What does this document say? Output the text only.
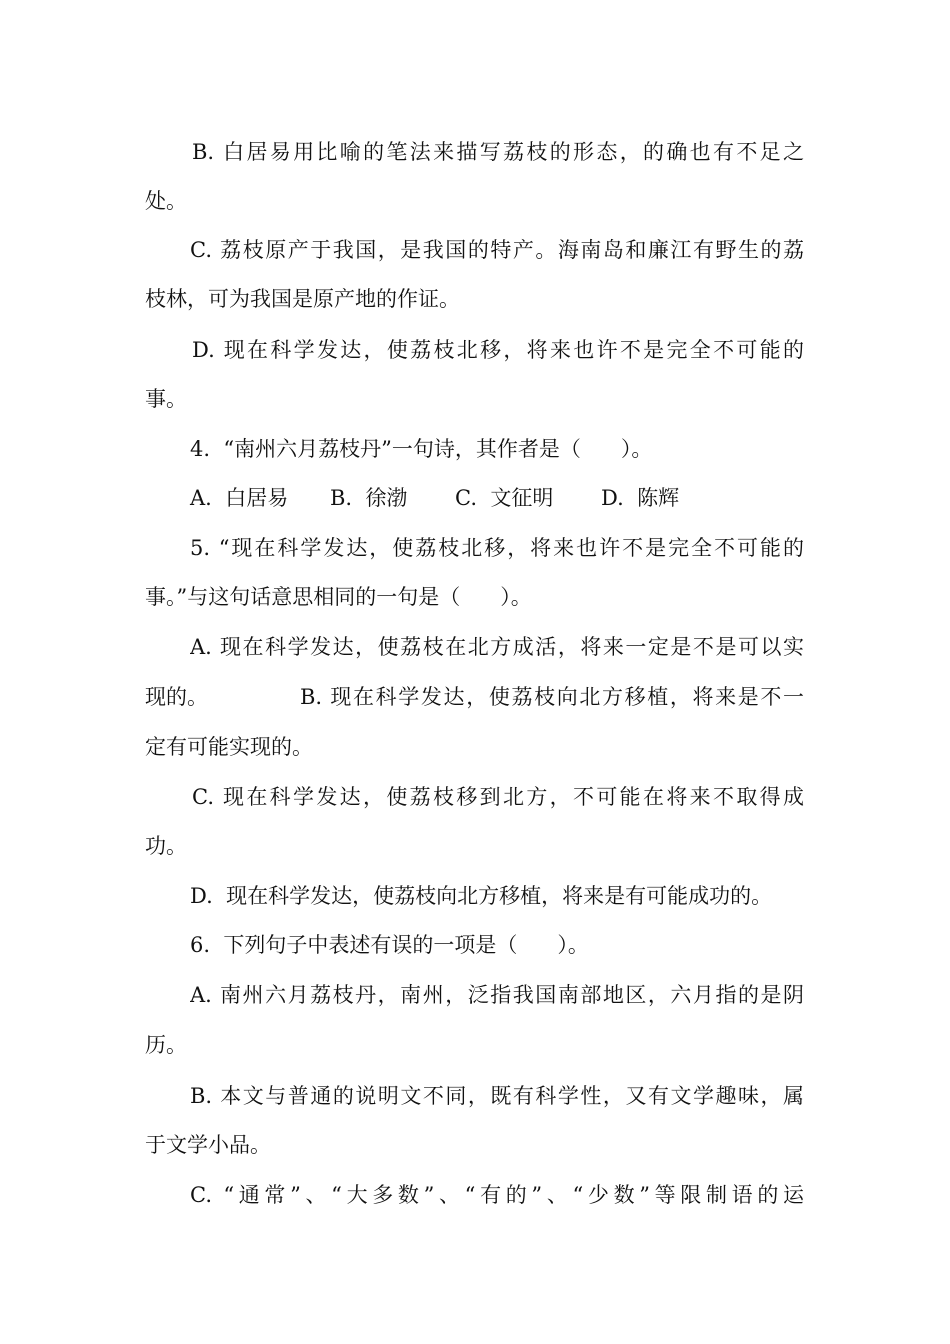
B. 白居易用比喻的笔法来描写荔枝的形态，的确也有不足之

处。

C. 荔枝原产于我国，是我国的特产。海南岛和廉江有野生的荔

枝林，可为我国是原产地的作证。

D. 现在科学发达，使荔枝北移，将来也许不是完全不可能的

事。

4.  “南州六月荔枝丹”一句诗，其作者是（      ）。

A.  白居易

B.  徐渤

C.  文征明

D.  陈辉

5. “现在科学发达，使荔枝北移，将来也许不是完全不可能的

事。”与这句话意思相同的一句是（      ）。

A. 现在科学发达，使荔枝在北方成活，将来一定是不是可以实

现的。

	B. 现在科学发达，使荔枝向北方移植，将来是不一

定有可能实现的。

C. 现在科学发达，使荔枝移到北方，不可能在将来不取得成

功。

D.  现在科学发达，使荔枝向北方移植，将来是有可能成功的。

6.  下列句子中表述有误的一项是（      ）。

A. 南州六月荔枝丹，南州，泛指我国南部地区，六月指的是阴

历。

B. 本文与普通的说明文不同，既有科学性，又有文学趣味，属

于文学小品。

C. “通常”、“大多数”、“有的”、“少数”等限制语的运
